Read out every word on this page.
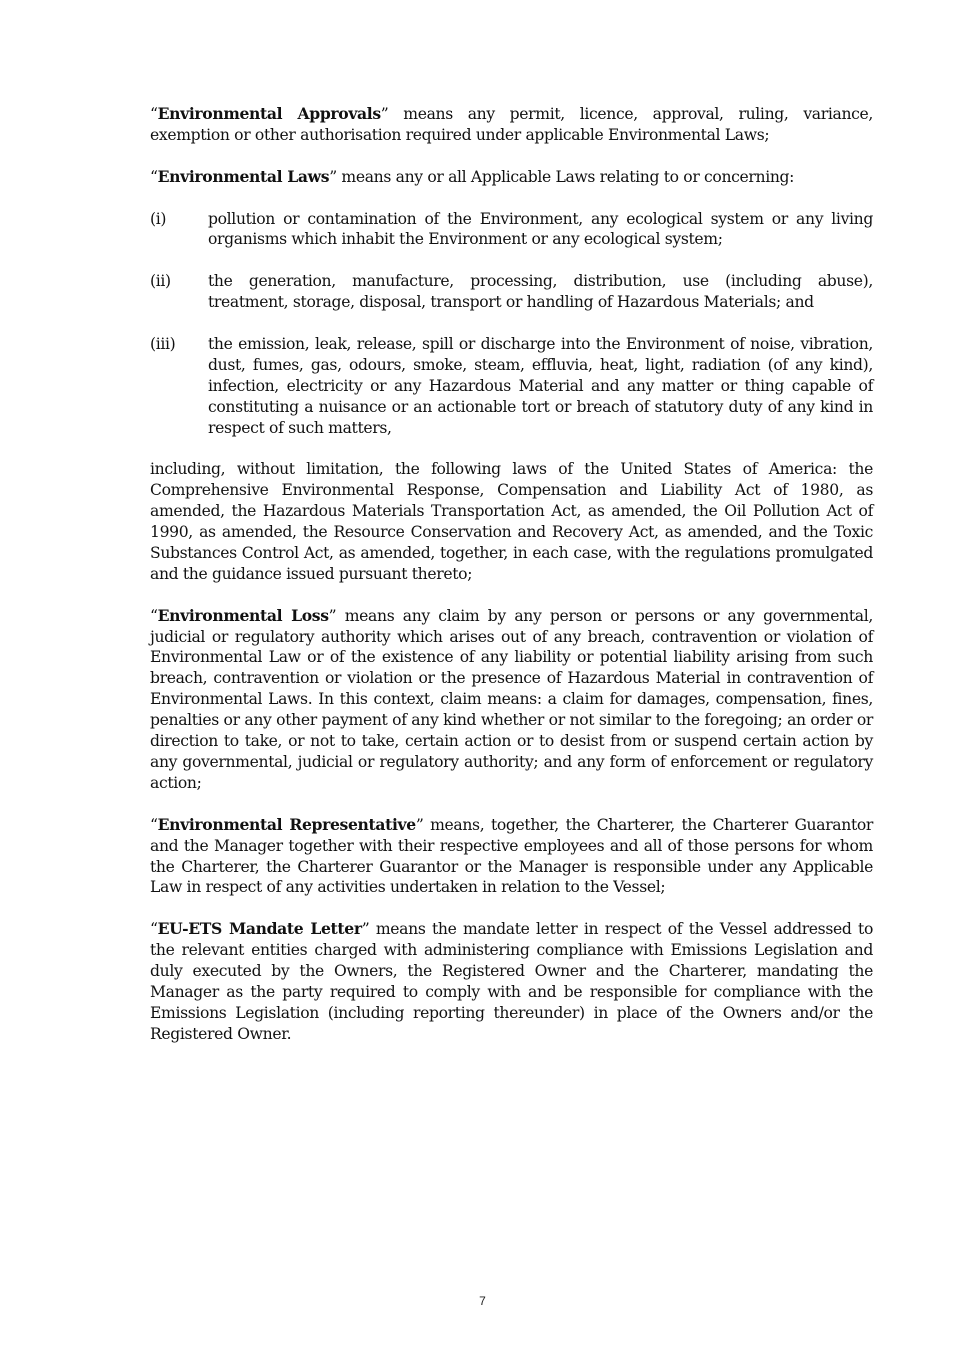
“Environmental Approvals” means any permit, licence, approval, ruling, variance, exemption or other authorisation required under applicable Environmental Laws;

“Environmental Laws” means any or all Applicable Laws relating to or concerning:

(i)	pollution or contamination of the Environment, any ecological system or any living organisms which inhabit the Environment or any ecological system;
(ii)	the generation, manufacture, processing, distribution, use (including abuse), treatment, storage, disposal, transport or handling of Hazardous Materials; and
(iii)	the emission, leak, release, spill or discharge into the Environment of noise, vibration, dust, fumes, gas, odours, smoke, steam, effluvia, heat, light, radiation (of any kind), infection, electricity or any Hazardous Material and any matter or thing capable of constituting a nuisance or an actionable tort or breach of statutory duty of any kind in respect of such matters,

including, without limitation, the following laws of the United States of America: the Comprehensive Environmental Response, Compensation and Liability Act of 1980, as amended, the Hazardous Materials Transportation Act, as amended, the Oil Pollution Act of 1990, as amended, the Resource Conservation and Recovery Act, as amended, and the Toxic Substances Control Act, as amended, together, in each case, with the regulations promulgated and the guidance issued pursuant thereto;

“Environmental Loss” means any claim by any person or persons or any governmental, judicial or regulatory authority which arises out of any breach, contravention or violation of Environmental Law or of the existence of any liability or potential liability arising from such breach, contravention or violation or the presence of Hazardous Material in contravention of Environmental Laws. In this context, claim means: a claim for damages, compensation, fines, penalties or any other payment of any kind whether or not similar to the foregoing; an order or direction to take, or not to take, certain action or to desist from or suspend certain action by any governmental, judicial or regulatory authority; and any form of enforcement or regulatory action;

“Environmental Representative” means, together, the Charterer, the Charterer Guarantor and the Manager together with their respective employees and all of those persons for whom the Charterer, the Charterer Guarantor or the Manager is responsible under any Applicable Law in respect of any activities undertaken in relation to the Vessel;

“EU-ETS Mandate Letter” means the mandate letter in respect of the Vessel addressed to the relevant entities charged with administering compliance with Emissions Legislation and duly executed by the Owners, the Registered Owner and the Charterer, mandating the Manager as the party required to comply with and be responsible for compliance with the Emissions Legislation (including reporting thereunder) in place of the Owners and/or the Registered Owner.

7
